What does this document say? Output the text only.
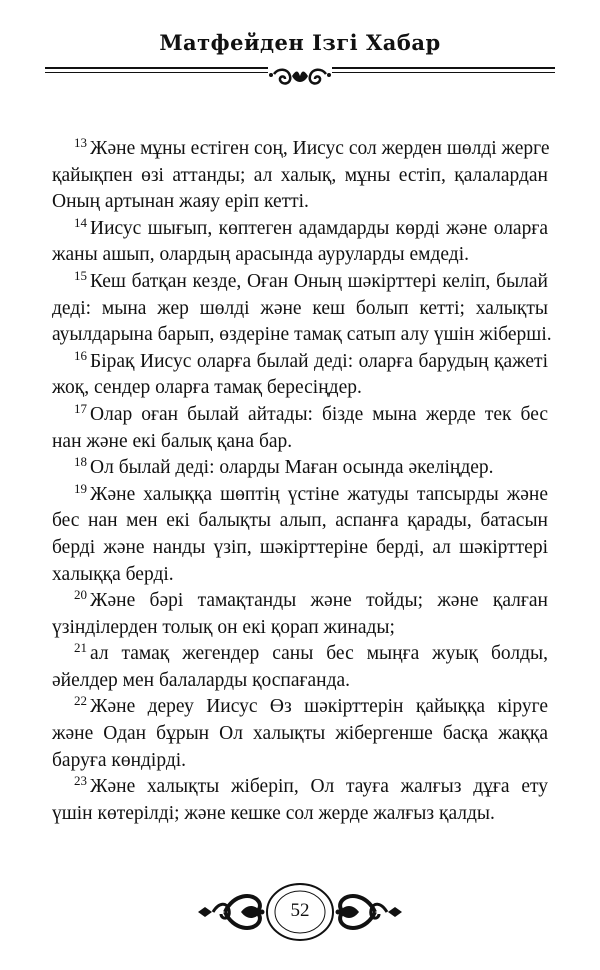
Матфейден Ізгі Хабар
$^{13}$ Және мұны естіген соң, Иисус сол жерден шөлді жерге
қайықпен өзі аттанды; ал халық, мұны естіп, қалалардан
Оның артынан жаяу еріп кетті.
$^{14}$ Иисус шығып, көптеген адамдарды көрді және оларға
жаны ашып, олардың арасында ауруларды емдеді.
$^{15}$ Кеш батқан кезде, Оған Оның шәкірттері келіп, былай
деді: мына жер шөлді және кеш болып кетті; халықты
ауылдарына барып, өздеріне тамақ сатып алу үшін жіберші.
$^{16}$ Бірақ Иисус оларға былай деді: оларға барудың қажеті
жоқ, сендер оларға тамақ бересіңдер.
$^{17}$ Олар оған былай айтады: бізде мына жерде тек бес
нан және екі балық қана бар.
$^{18}$ Ол былай деді: оларды Маған осында әкеліңдер.
$^{19}$ Және халыққа шөптің үстіне жатуды тапсырды және
бес нан мен екі балықты алып, аспанға қарады, батасын
берді және нанды үзіп, шәкірттеріне берді, ал шәкірттері
халыққа берді.
$^{20}$ Және бәрі тамақтанды және тойды; және қалған
үзінділерден толық он екі қорап жинады;
$^{21}$ ал тамақ жегендер саны бес мыңға жуық болды,
әйелдер мен балаларды қоспағанда.
$^{22}$ Және дереу Иисус Өз шәкірттерін қайыққа кіруге
және Одан бұрын Ол халықты жібергенше басқа жаққа
баруға көндірді.
$^{23}$ Және халықты жіберіп, Ол тауға жалғыз дұға ету
үшін көтерілді; және кешке сол жерде жалғыз қалды.
52
